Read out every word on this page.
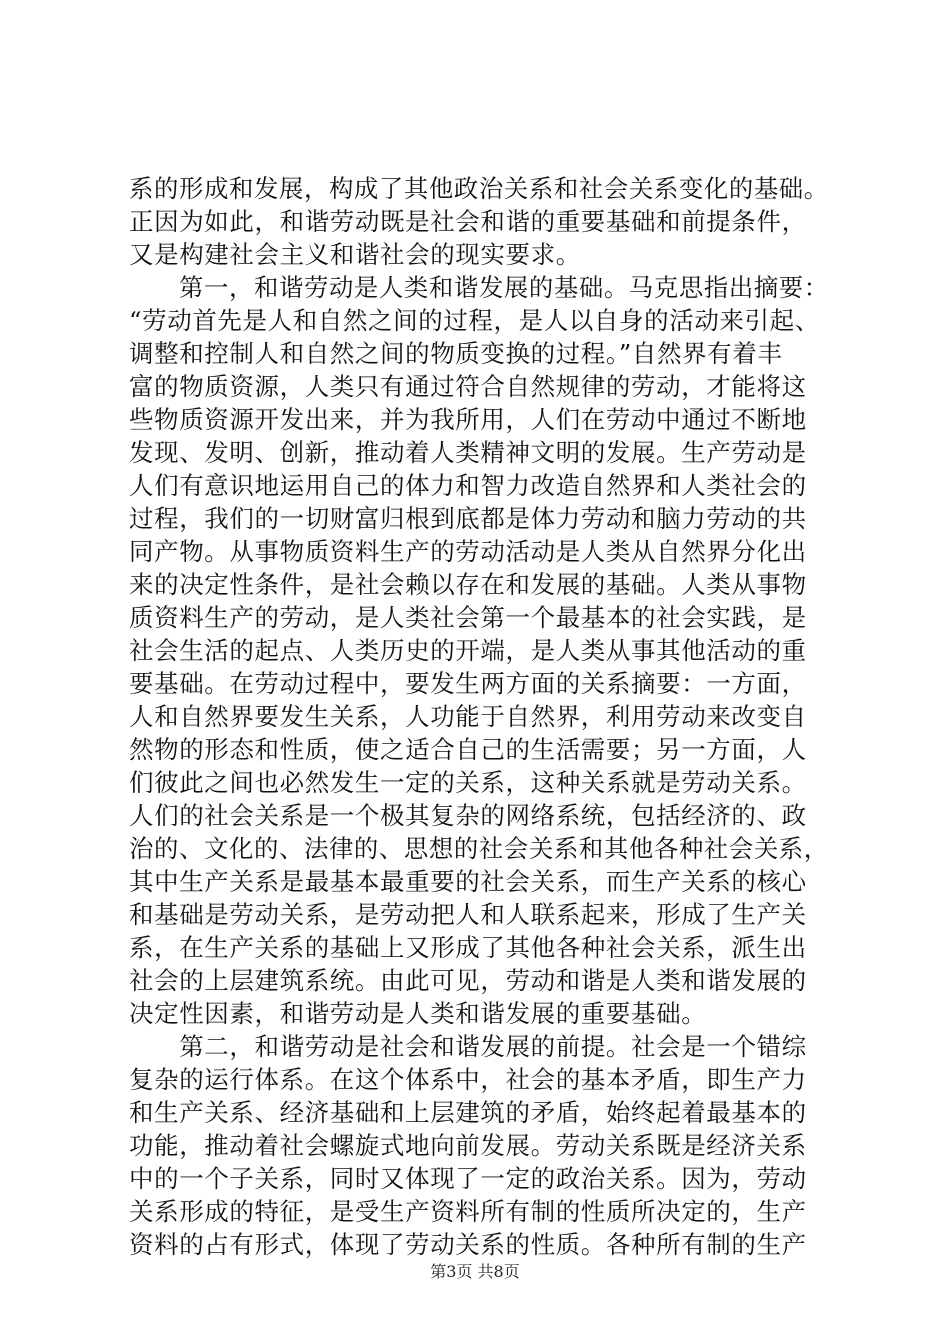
系的形成和发展，构成了其他政治关系和社会关系变化的基础。
正因为如此，和谐劳动既是社会和谐的重要基础和前提条件，
又是构建社会主义和谐社会的现实要求。
　　第一，和谐劳动是人类和谐发展的基础。马克思指出摘要：
“劳动首先是人和自然之间的过程，是人以自身的活动来引起、
调整和控制人和自然之间的物质变换的过程。”自然界有着丰
富的物质资源，人类只有通过符合自然规律的劳动，才能将这
些物质资源开发出来，并为我所用，人们在劳动中通过不断地
发现、发明、创新，推动着人类精神文明的发展。生产劳动是
人们有意识地运用自己的体力和智力改造自然界和人类社会的
过程，我们的一切财富归根到底都是体力劳动和脑力劳动的共
同产物。从事物质资料生产的劳动活动是人类从自然界分化出
来的决定性条件，是社会赖以存在和发展的基础。人类从事物
质资料生产的劳动，是人类社会第一个最基本的社会实践，是
社会生活的起点、人类历史的开端，是人类从事其他活动的重
要基础。在劳动过程中，要发生两方面的关系摘要：一方面，
人和自然界要发生关系，人功能于自然界，利用劳动来改变自
然物的形态和性质，使之适合自己的生活需要；另一方面，人
们彼此之间也必然发生一定的关系，这种关系就是劳动关系。
人们的社会关系是一个极其复杂的网络系统，包括经济的、政
治的、文化的、法律的、思想的社会关系和其他各种社会关系，
其中生产关系是最基本最重要的社会关系，而生产关系的核心
和基础是劳动关系，是劳动把人和人联系起来，形成了生产关
系，在生产关系的基础上又形成了其他各种社会关系，派生出
社会的上层建筑系统。由此可见，劳动和谐是人类和谐发展的
决定性因素，和谐劳动是人类和谐发展的重要基础。
　　第二，和谐劳动是社会和谐发展的前提。社会是一个错综
复杂的运行体系。在这个体系中，社会的基本矛盾，即生产力
和生产关系、经济基础和上层建筑的矛盾，始终起着最基本的
功能，推动着社会螺旋式地向前发展。劳动关系既是经济关系
中的一个子关系，同时又体现了一定的政治关系。因为，劳动
关系形成的特征，是受生产资料所有制的性质所决定的，生产
资料的占有形式，体现了劳动关系的性质。各种所有制的生产
第3页 共8页
